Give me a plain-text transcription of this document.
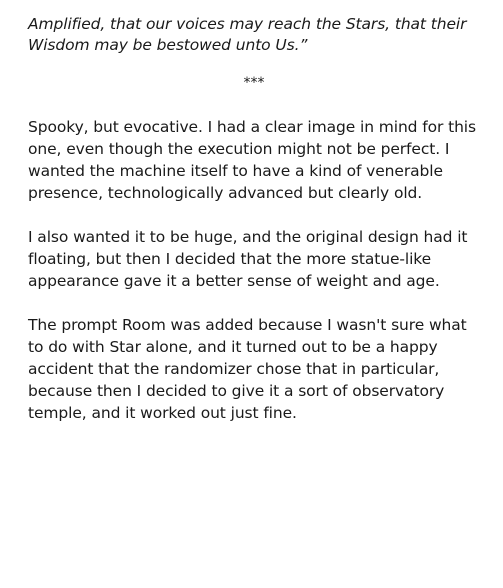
Amplified, that our voices may reach the Stars, that their Wisdom may be bestowed unto Us.”

***

Spooky, but evocative. I had a clear image in mind for this one, even though the execution might not be perfect. I wanted the machine itself to have a kind of venerable presence, technologically advanced but clearly old.

I also wanted it to be huge, and the original design had it floating, but then I decided that the more statue-like appearance gave it a better sense of weight and age.

The prompt Room was added because I wasn't sure what to do with Star alone, and it turned out to be a happy accident that the randomizer chose that in particular, because then I decided to give it a sort of observatory temple, and it worked out just fine.
